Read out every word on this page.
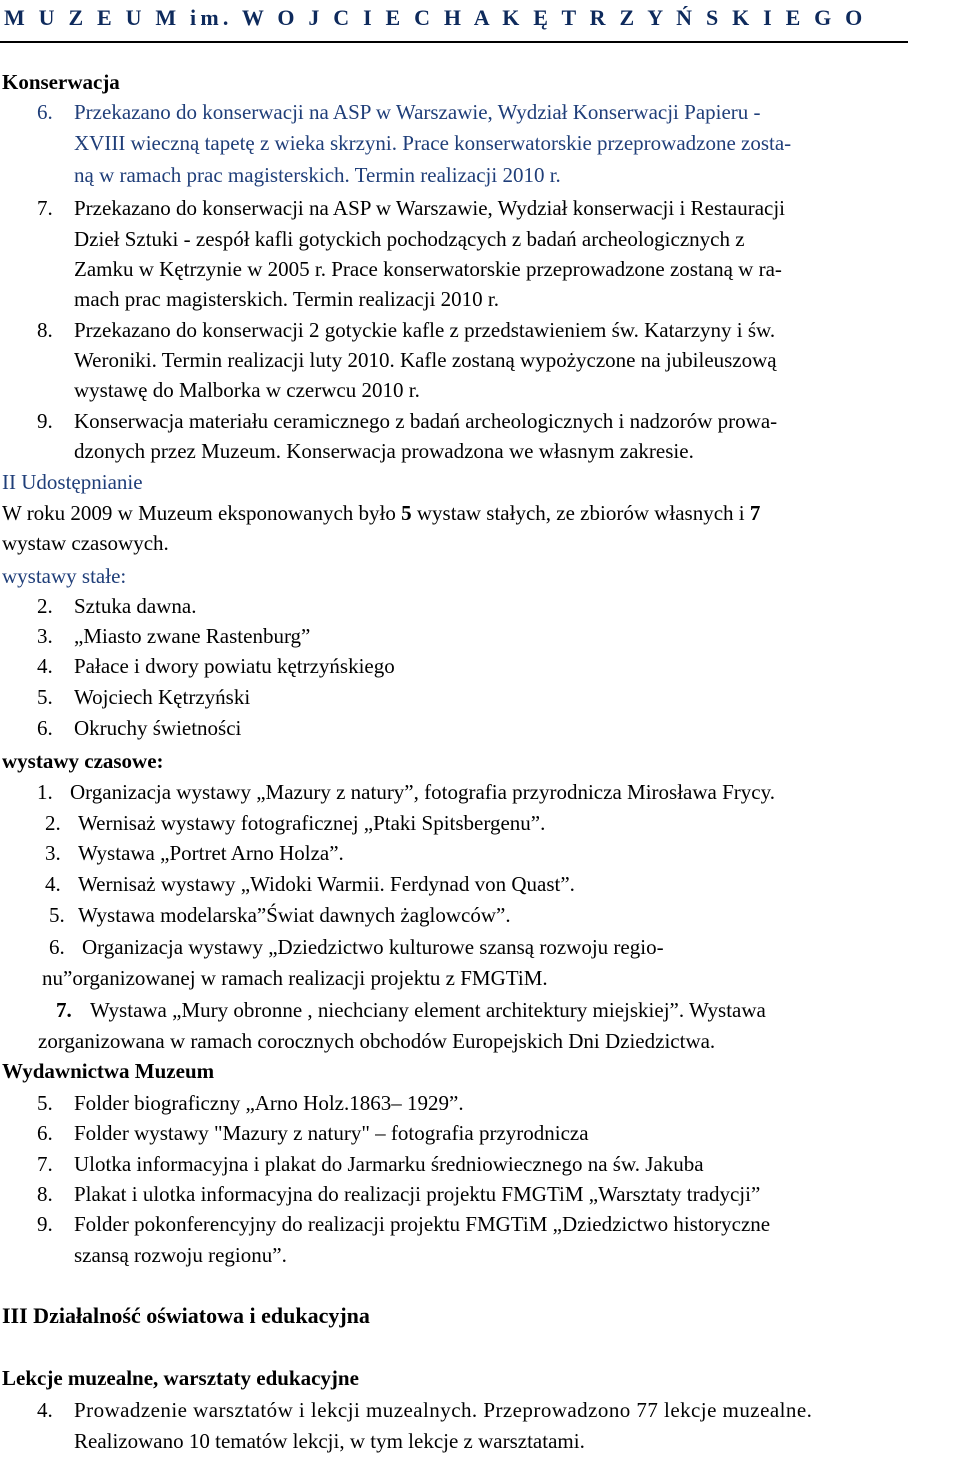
M U Z E U M im. W O J C I E C H A K Ę T R Z Y Ń S K I E G O
Konserwacja
6. Przekazano do konserwacji na ASP w Warszawie, Wydział Konserwacji Papieru -
XVIII wieczną tapetę z wieka skrzyni. Prace konserwatorskie przeprowadzone zosta-
ną w ramach prac magisterskich. Termin realizacji 2010 r.
7. Przekazano do konserwacji na ASP w Warszawie, Wydział konserwacji i Restauracji
Dzieł Sztuki - zespół kafli gotyckich pochodzących z badań archeologicznych z
Zamku w Kętrzynie w 2005 r. Prace konserwatorskie przeprowadzone zostaną w ra-
mach prac magisterskich. Termin realizacji 2010 r.
8. Przekazano do konserwacji 2 gotyckie kafle z przedstawieniem św. Katarzyny i św.
Weroniki. Termin realizacji luty 2010. Kafle zostaną wypożyczone na jubileuszową
wystawę do Malborka w czerwcu 2010 r.
9. Konserwacja materiału ceramicznego z badań archeologicznych i nadzorów prowa-
dzonych przez Muzeum. Konserwacja prowadzona we własnym zakresie.
II Udostępnianie
W roku 2009 w Muzeum eksponowanych było 5 wystaw stałych, ze zbiorów własnych i 7
wystaw czasowych.
wystawy stałe:
2. Sztuka dawna.
3. „Miasto zwane Rastenburg”
4. Pałace i dwory powiatu kętrzyńskiego
5. Wojciech Kętrzyński
6. Okruchy świetności
wystawy czasowe:
1. Organizacja wystawy „Mazury z natury”, fotografia przyrodnicza Mirosława Frycy.
2. Wernisaż wystawy fotograficznej „Ptaki Spitsbergenu”.
3. Wystawa „Portret Arno Holza”.
4. Wernisaż wystawy „Widoki Warmii. Ferdynad von Quast”.
5. Wystawa modelarska”Świat dawnych żaglowców”.
6. Organizacja wystawy „Dziedzictwo kulturowe szansą rozwoju regio-
nu”organizowanej w ramach realizacji projektu z FMGTiM.
7. Wystawa „Mury obronne , niechciany element architektury miejskiej”. Wystawa
zorganizowana w ramach corocznych obchodów Europejskich Dni Dziedzictwa.
Wydawnictwa Muzeum
5. Folder biograficzny „Arno Holz.1863– 1929”.
6. Folder wystawy "Mazury z natury" – fotografia przyrodnicza
7. Ulotka informacyjna i plakat do Jarmarku średniowiecznego na św. Jakuba
8. Plakat i ulotka informacyjna do realizacji projektu FMGTiM „Warsztaty tradycji”
9. Folder pokonferencyjny do realizacji projektu FMGTiM „Dziedzictwo historyczne
szansą rozwoju regionu”.
III Działalność oświatowa i edukacyjna
Lekcje muzealne, warsztaty edukacyjne
4. Prowadzenie warsztatów i lekcji muzealnych. Przeprowadzono 77 lekcje muzealne.
Realizowano 10 tematów lekcji, w tym lekcje z warsztatami.
